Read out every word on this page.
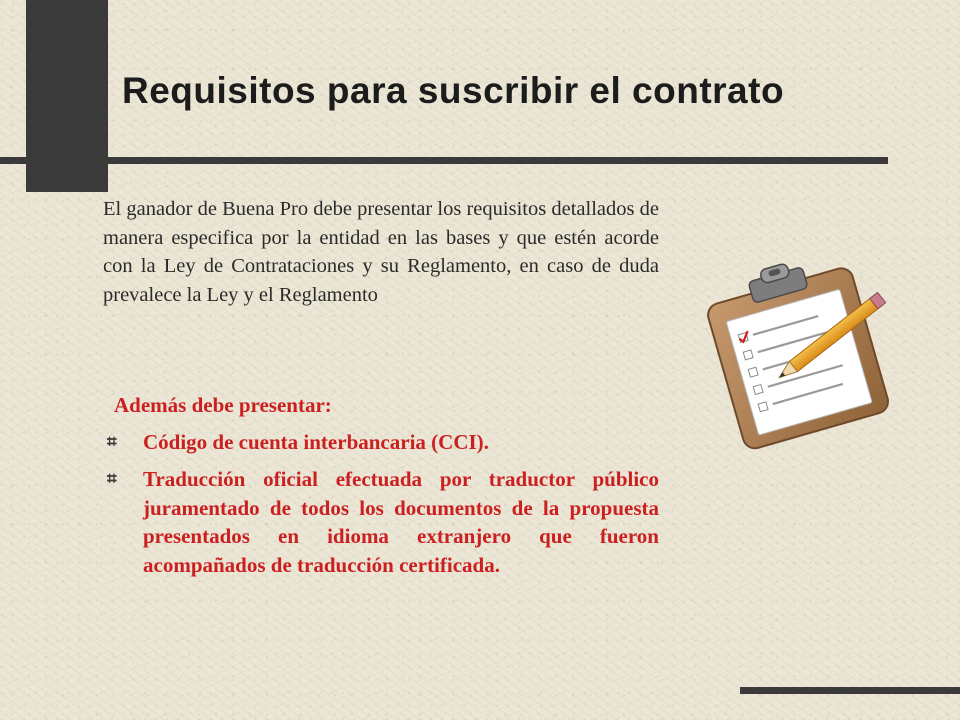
Requisitos para suscribir el contrato

El ganador de Buena Pro debe presentar los requisitos detallados de manera especifica por la entidad en las bases y que estén acorde con la Ley de Contrataciones y su Reglamento, en caso de duda prevalece la Ley y el Reglamento

Además debe presentar:

⌗	Código de cuenta interbancaria (CCI).
⌗	Traducción oficial efectuada por traductor público juramentado de todos los documentos de la propuesta presentados en idioma extranjero que fueron acompañados de traducción certificada.
